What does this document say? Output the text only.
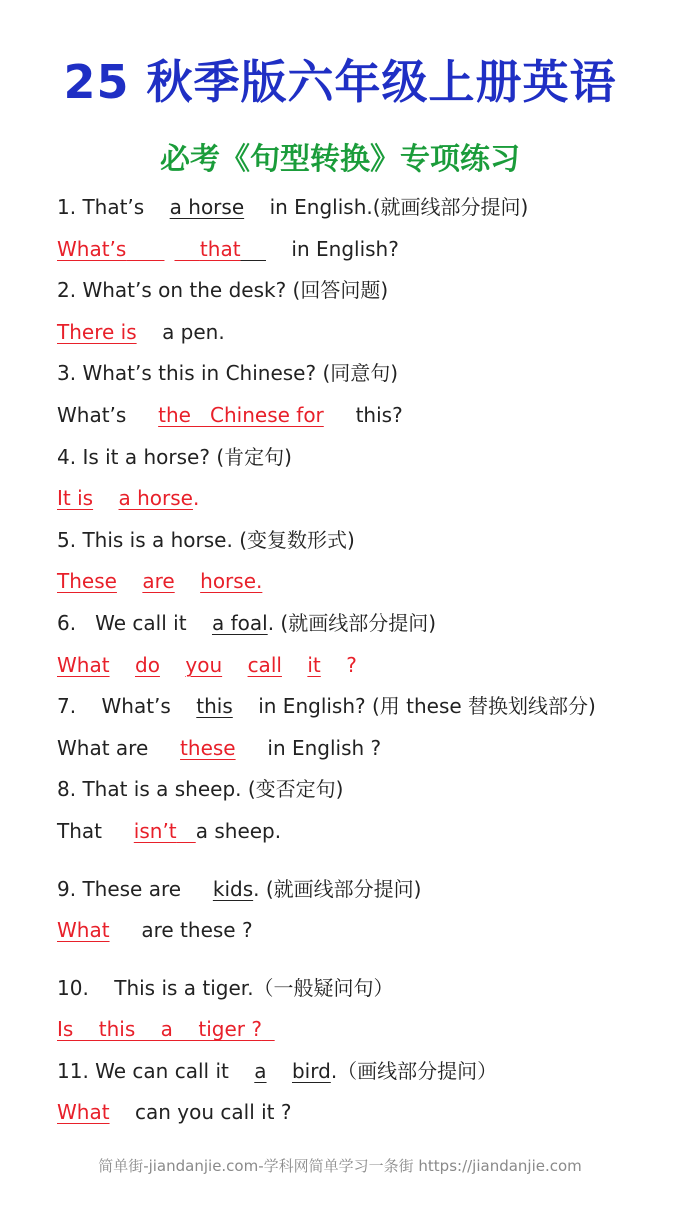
25 秋季版六年级上册英语
必考《句型转换》专项练习
1. That’s a horse in English.(就画线部分提问)
What’s	that	in English?
2. What’s on the desk? (回答问题)
There is a pen.
3. What’s this in Chinese? (同意句)
What’s the   Chinese for this?
4. Is it a horse? (肯定句)
It is a horse.
5. This is a horse. (变复数形式)
These are horse.
6.   We call it a foal. (就画线部分提问)
What do you call it ?
7.    What’s this in English? (用 these 替换划线部分)
What are these in English ?
8. That is a sheep. (变否定句)
That isn’t a sheep.
9. These are kids. (就画线部分提问)
What are these ?
10.    This is a tiger.（一般疑问句）
Is    this    a    tiger ?
11. We can call it a bird.（画线部分提问）
What can you call it ?
简单街-jiandanjie.com-学科网简单学习一条街 https://jiandanjie.com
